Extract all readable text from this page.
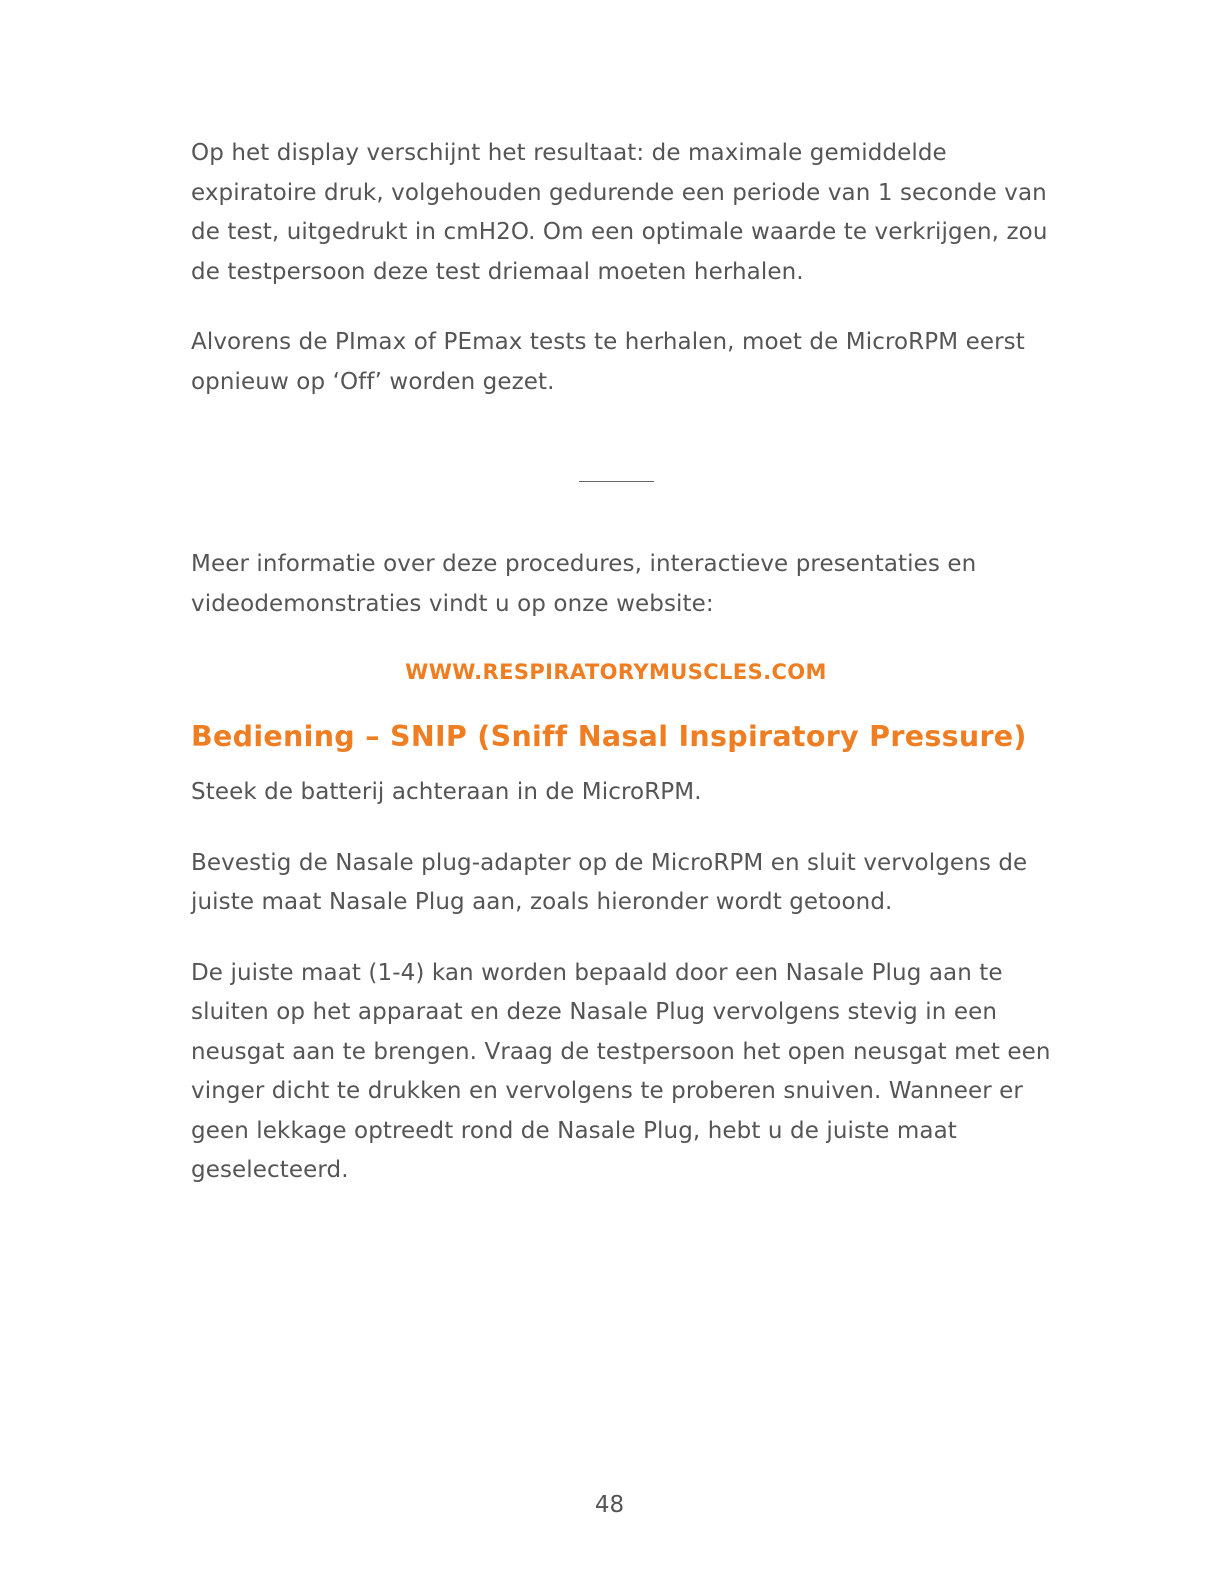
Op het display verschijnt het resultaat: de maximale gemiddelde expiratoire druk, volgehouden gedurende een periode van 1 seconde van de test, uitgedrukt in cmH2O. Om een optimale waarde te verkrijgen, zou de testpersoon deze test driemaal moeten herhalen.

Alvorens de PImax of PEmax tests te herhalen, moet de MicroRPM eerst opnieuw op ‘Off’ worden gezet.

Meer informatie over deze procedures, interactieve presentaties en videodemonstraties vindt u op onze website:

WWW.RESPIRATORYMUSCLES.COM
Bediening – SNIP (Sniff Nasal Inspiratory Pressure)

Steek de batterij achteraan in de MicroRPM.

Bevestig de Nasale plug-adapter op de MicroRPM en sluit vervolgens de juiste maat Nasale Plug aan, zoals hieronder wordt getoond.

De juiste maat (1-4) kan worden bepaald door een Nasale Plug aan te sluiten op het apparaat en deze Nasale Plug vervolgens stevig in een neusgat aan te brengen. Vraag de testpersoon het open neusgat met een vinger dicht te drukken en vervolgens te proberen snuiven. Wanneer er geen lekkage optreedt rond de Nasale Plug, hebt u de juiste maat geselecteerd.

48
